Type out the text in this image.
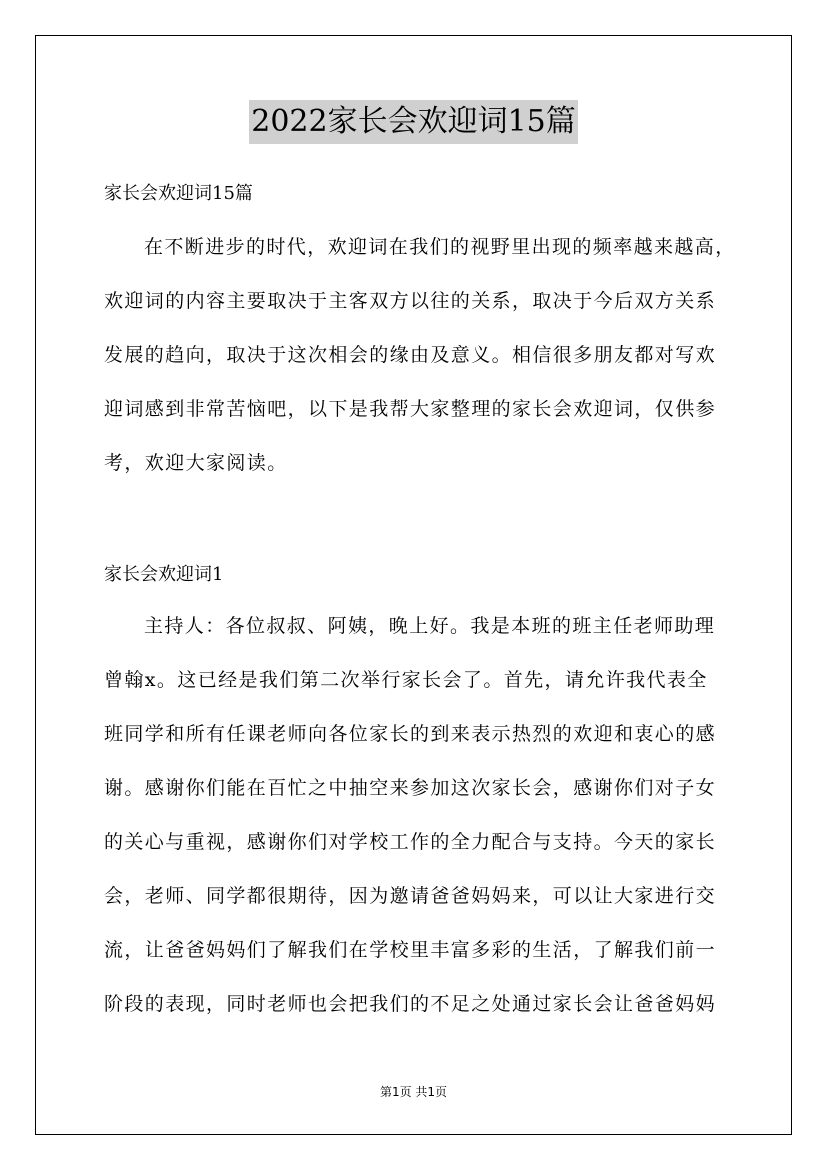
2022家长会欢迎词15篇
家长会欢迎词15篇
在不断进步的时代，欢迎词在我们的视野里出现的频率越来越高，
欢迎词的内容主要取决于主客双方以往的关系，取决于今后双方关系
发展的趋向，取决于这次相会的缘由及意义。相信很多朋友都对写欢
迎词感到非常苦恼吧，以下是我帮大家整理的家长会欢迎词，仅供参
考，欢迎大家阅读。
家长会欢迎词1
主持人：各位叔叔、阿姨，晚上好。我是本班的班主任老师助理
曾翰x。这已经是我们第二次举行家长会了。首先，请允许我代表全
班同学和所有任课老师向各位家长的到来表示热烈的欢迎和衷心的感
谢。感谢你们能在百忙之中抽空来参加这次家长会，感谢你们对子女
的关心与重视，感谢你们对学校工作的全力配合与支持。今天的家长
会，老师、同学都很期待，因为邀请爸爸妈妈来，可以让大家进行交
流，让爸爸妈妈们了解我们在学校里丰富多彩的生活，了解我们前一
阶段的表现，同时老师也会把我们的不足之处通过家长会让爸爸妈妈
第1页 共1页
